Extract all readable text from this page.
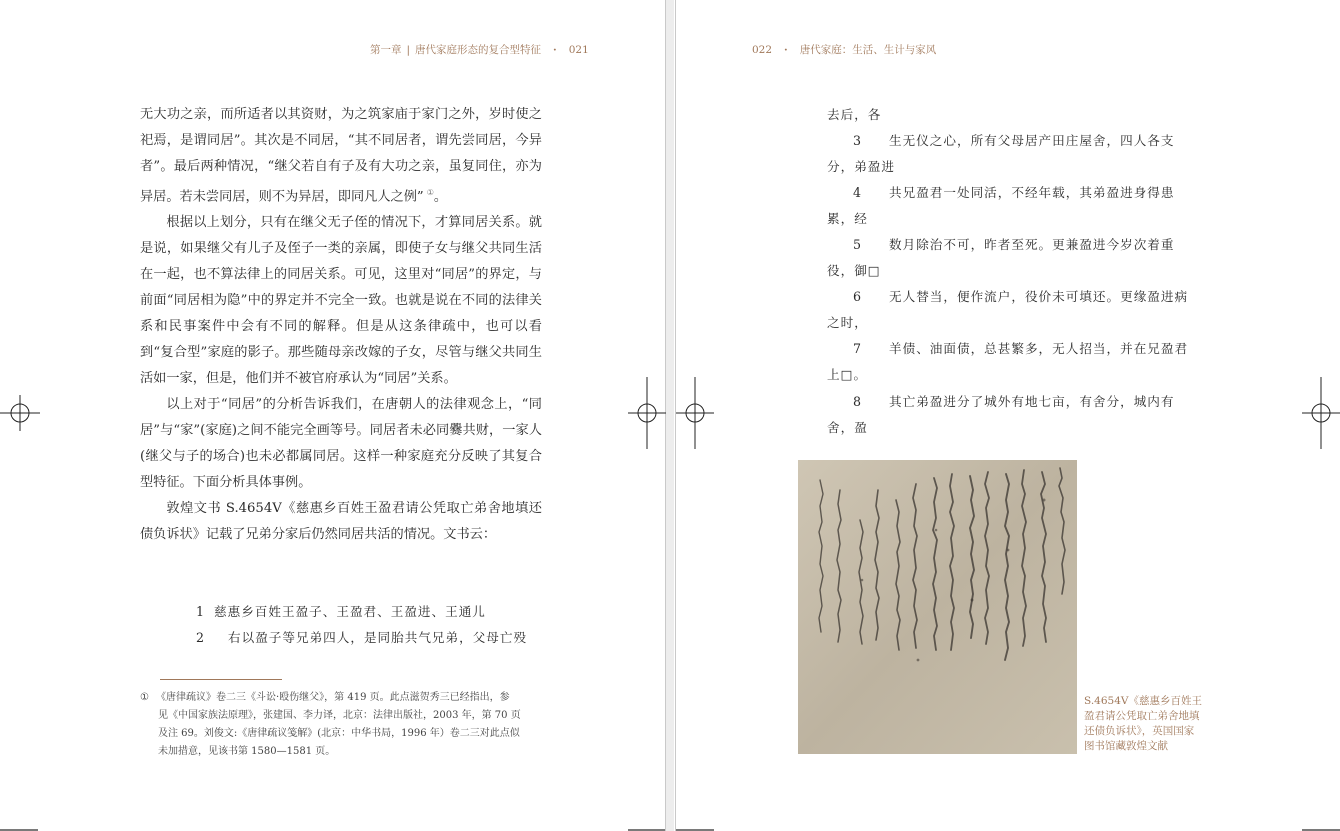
第一章 | 唐代家庭形态的复合型特征 · 021

无大功之亲，而所适者以其资财，为之筑家庙于家门之外，岁时使之祀焉，是谓同居”。其次是不同居，“其不同居者，谓先尝同居，今异者”。最后两种情况，“继父若自有子及有大功之亲，虽复同住，亦为异居。若未尝同居，则不为异居，即同凡人之例” ①。

根据以上划分，只有在继父无子侄的情况下，才算同居关系。就是说，如果继父有儿子及侄子一类的亲属，即使子女与继父共同生活在一起，也不算法律上的同居关系。可见，这里对“同居”的界定，与前面“同居相为隐”中的界定并不完全一致。也就是说在不同的法律关系和民事案件中会有不同的解释。但是从这条律疏中，也可以看到“复合型”家庭的影子。那些随母亲改嫁的子女，尽管与继父共同生活如一家，但是，他们并不被官府承认为“同居”关系。

以上对于“同居”的分析告诉我们，在唐朝人的法律观念上，“同居”与“家”(家庭)之间不能完全画等号。同居者未必同爨共财，一家人(继父与子的场合)也未必都属同居。这样一种家庭充分反映了其复合型特征。下面分析具体事例。

敦煌文书 S.4654V《慈惠乡百姓王盈君请公凭取亡弟舍地填还债负诉状》记载了兄弟分家后仍然同居共活的情况。文书云：

1 慈惠乡百姓王盈子、王盈君、王盈进、王通儿
2 右以盈子等兄弟四人，是同胎共气兄弟，父母亡殁
① 《唐律疏议》卷二三《斗讼·殴伤继父》，第 419 页。此点滋贺秀三已经指出，参
见《中国家族法原理》，张建国、李力译，北京：法律出版社，2003 年，第 70 页
及注 69。刘俊文:《唐律疏议笺解》(北京：中华书局，1996 年）卷二三对此点似
未加措意，见该书第 1580—1581 页。
022 · 唐代家庭：生活、生计与家风
去后，各
3 生无仪之心，所有父母居产田庄屋舍，四人各支
分，弟盈进
4 共兄盈君一处同活，不经年载，其弟盈进身得患
累，经
5 数月除治不可，昨者至死。更兼盈进今岁次着重
役，御□
6 无人替当，便作流户，役价未可填还。更缘盈进病
之时，
7 羊债、油面债，总甚繁多，无人招当，并在兄盈君
上□。
8 其亡弟盈进分了城外有地七亩，有舍分，城内有
舍，盈
S.4654V《慈惠乡百姓王盈君请公凭取亡弟舍地填还债负诉状》，英国国家图书馆藏敦煌文献
